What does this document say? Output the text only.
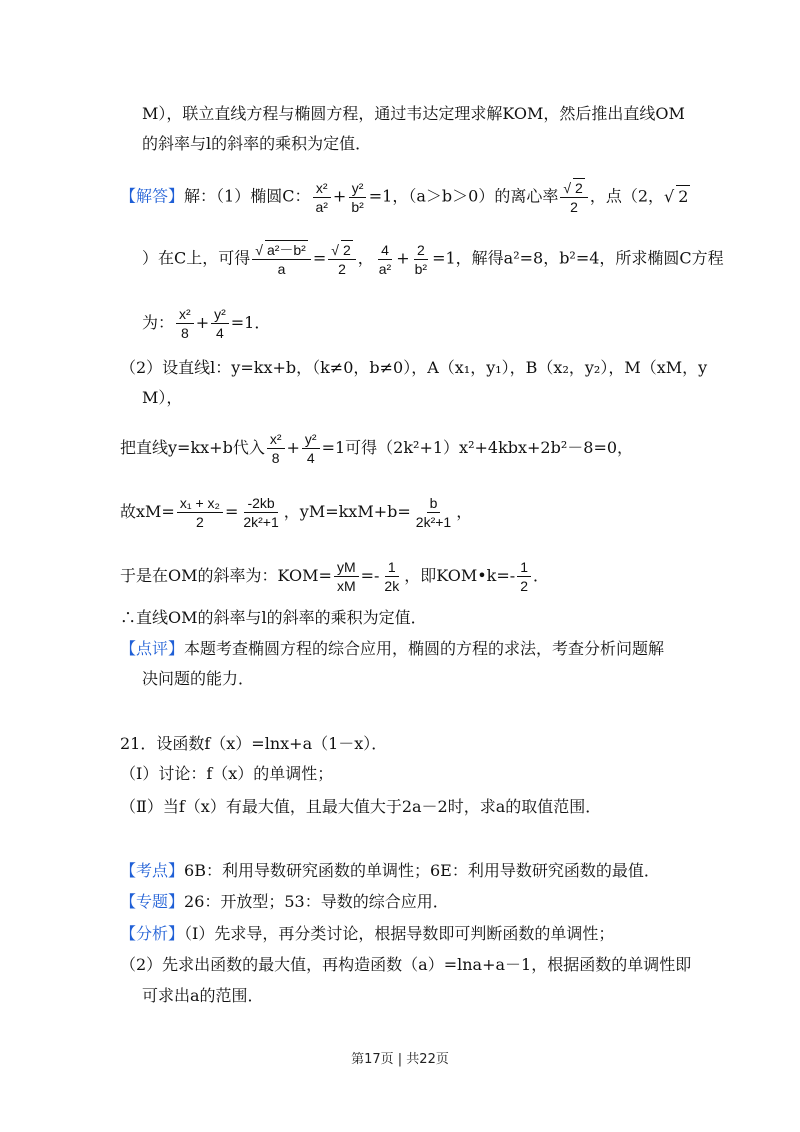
M），联立直线方程与椭圆方程，通过韦达定理求解KOM，然后推出直线OM
的斜率与l的斜率的乘积为定值．
【解答】解：（1）椭圆C： $\frac{\text{x²}}{\text{a²}} + \frac{\text{y²}}{\text{b²}} =1$，（a＞b＞0）的离心率 $\frac{√ 2}{2}$ ，点（2，√ 2
）在C上，可得 $\frac{\text{√ a²－b²}}{a} = \frac{√ 2}{2}$ ， $\frac{4}{\text{a²}} + \frac{2}{\text{b²}} =1$，解得a²=8，b²=4，所求椭圆C方程
为： $\frac{\text{x²}}{8} + \frac{\text{y²}}{4} =1$．
（2）设直线l：y=kx+b，（k≠0，b≠0），A（x₁，y₁），B（x₂，y₂），M（xM，y
M），
把直线y=kx+b代入 $\frac{\text{x²}}{8} + \frac{\text{y²}}{4} =1$可得（2k²+1）x²+4kbx+2b²－8=0，
故$xM= \frac{\text{x₁ + x₂}}{2} = \frac{-2kb}{\text{2k²+1}}$ ，$yM=kxM+b= \frac{b}{\text{2k²+1}}$ ，
于是在OM的斜率为：$KOM= \frac{yM}{xM} =- \frac{1}{2k}$ ，即KOM•k=- $\frac{1}{2}$ ．
∴直线OM的斜率与l的斜率的乘积为定值．
【点评】本题考查椭圆方程的综合应用，椭圆的方程的求法，考查分析问题解
决问题的能力．
21．设函数f（x）=lnx+a（1－x）．
（Ⅰ）讨论：f（x）的单调性；
（Ⅱ）当f（x）有最大值，且最大值大于2a－2时，求a的取值范围．
【考点】6B：利用导数研究函数的单调性；6E：利用导数研究函数的最值．
【专题】26：开放型；53：导数的综合应用．
【分析】（Ⅰ）先求导，再分类讨论，根据导数即可判断函数的单调性；
（2）先求出函数的最大值，再构造函数（a）=lna+a－1，根据函数的单调性即
可求出a的范围．
第17页 | 共22页
